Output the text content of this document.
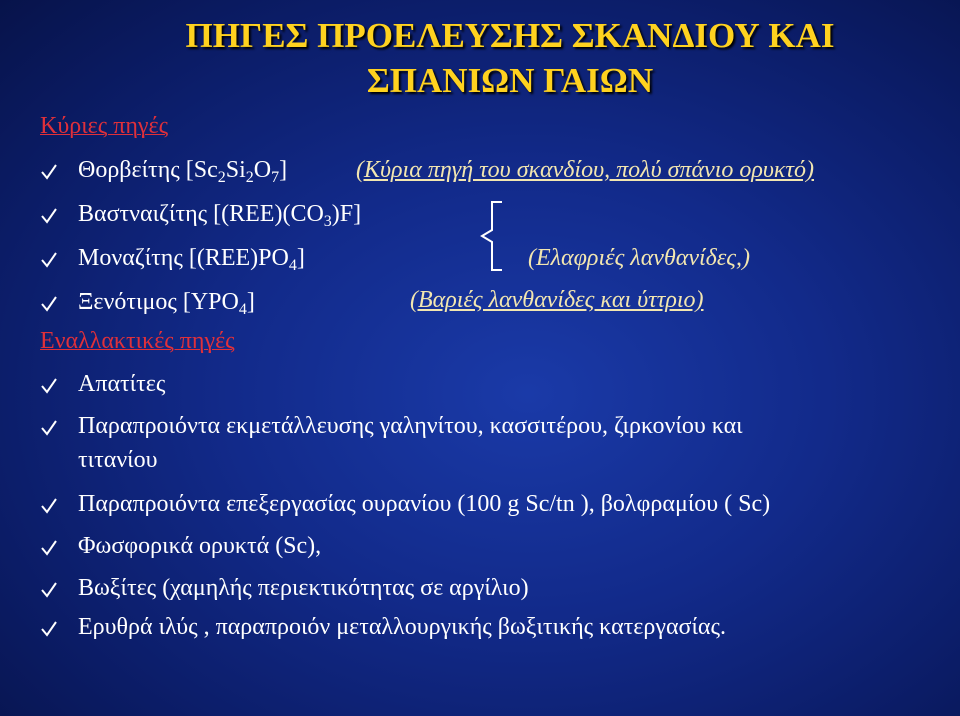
ΠΗΓΕΣ ΠΡΟΕΛΕΥΣΗΣ ΣΚΑΝΔΙΟΥ ΚΑΙ
ΣΠΑΝΙΩΝ ΓΑΙΩΝ
Κύριες πηγές
Θορβείτης $[Sc_2Si_2O_7]$	(Κύρια πηγή του σκανδίου, πολύ σπάνιο ορυκτό)
Βαστναιζίτης $[(REE)(CO_3)F]$
Μοναζίτης $[(REE)PO_4]$	(Ελαφριές λανθανίδες,)
Ξενότιμος $[YPO_4]$	(Βαριές λανθανίδες και ύττριο)
Εναλλακτικές πηγές
Απατίτες
Παραπροιόντα εκμετάλλευσης γαληνίτου, κασσιτέρου, ζιρκονίου και
τιτανίου
Παραπροιόντα επεξεργασίας ουρανίου (100 g Sc/tn ), βολφραμίου ( Sc)
Φωσφορικά ορυκτά (Sc),
Βωξίτες (χαμηλής περιεκτικότητας σε αργίλιο)
Ερυθρά ιλύς , παραπροιόν μεταλλουργικής βωξιτικής κατεργασίας.
